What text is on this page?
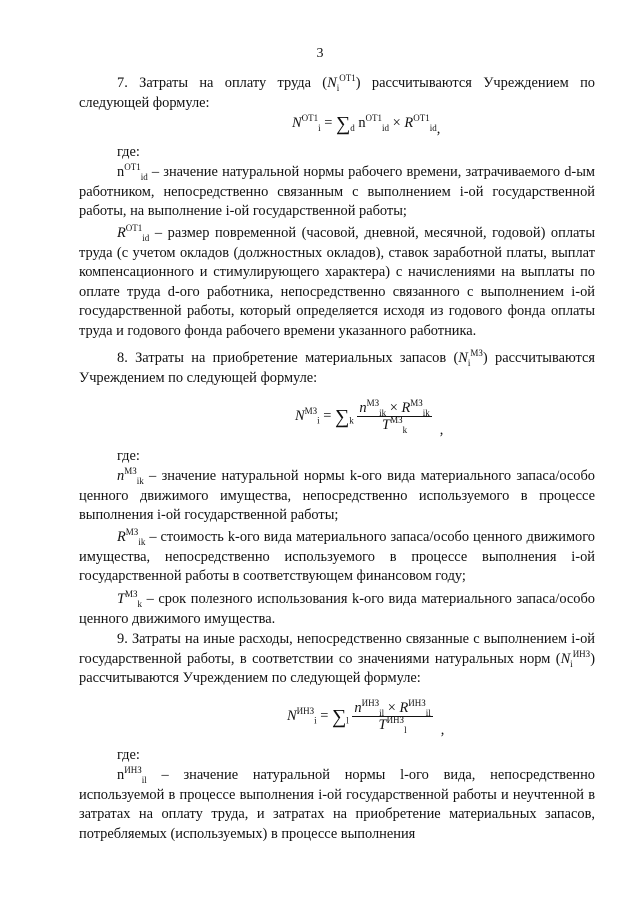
3

7. Затраты на оплату труда $(N_i^{ОТ1})$ рассчитываются Учреждением по следующей формуле:

$N^{ОТ1}_i = \sum_d$ $n^{ОТ1}_{id} \times R^{ОТ1}_{id}$,

где:

$n^{ОТ1}_{id}$ – значение натуральной нормы рабочего времени, затрачиваемого d-ым работником, непосредственно связанным с выполнением i-ой государственной работы, на выполнение i-ой государственной работы;

$R^{ОТ1}_{id}$ – размер повременной (часовой, дневной, месячной, годовой) оплаты труда (с учетом окладов (должностных окладов), ставок заработной платы, выплат компенсационного и стимулирующего характера) с начислениями на выплаты по оплате труда d-ого работника, непосредственно связанного с выполнением i-ой государственной работы, который определяется исходя из годового фонда оплаты труда и годового фонда рабочего времени указанного работника.

8. Затраты на приобретение материальных запасов $(N_i^{МЗ})$ рассчитываются Учреждением по следующей формуле:

$N^{МЗ}_i = \sum_k \frac{n^{МЗ}_{ik} \times R^{МЗ}_{ik}}{T^{МЗ}_k}$ ,

где:

$n^{МЗ}_{ik}$ – значение натуральной нормы k-ого вида материального запаса/особо ценного движимого имущества, непосредственно используемого в процессе выполнения i-ой государственной работы;

$R^{МЗ}_{ik}$ – стоимость k-ого вида материального запаса/особо ценного движимого имущества, непосредственно используемого в процессе выполнения i-ой государственной работы в соответствующем финансовом году;

$T^{МЗ}_k$ – срок полезного использования k-ого вида материального запаса/особо ценного движимого имущества.

9. Затраты на иные расходы, непосредственно связанные с выполнением i-ой государственной работы, в соответствии со значениями натуральных норм $(N_i^{ИНЗ})$ рассчитываются Учреждением по следующей формуле:

$N^{ИНЗ}_i = \sum_l \frac{n^{ИНЗ}_{il} \times R^{ИНЗ}_{il}}{T^{ИНЗ}_l}$ ,

где:

$n^{ИНЗ}_{il}$ – значение натуральной нормы l-ого вида, непосредственно используемой в процессе выполнения i-ой государственной работы и неучтенной в затратах на оплату труда, и затратах на приобретение материальных запасов, потребляемых (используемых) в процессе выполнения
